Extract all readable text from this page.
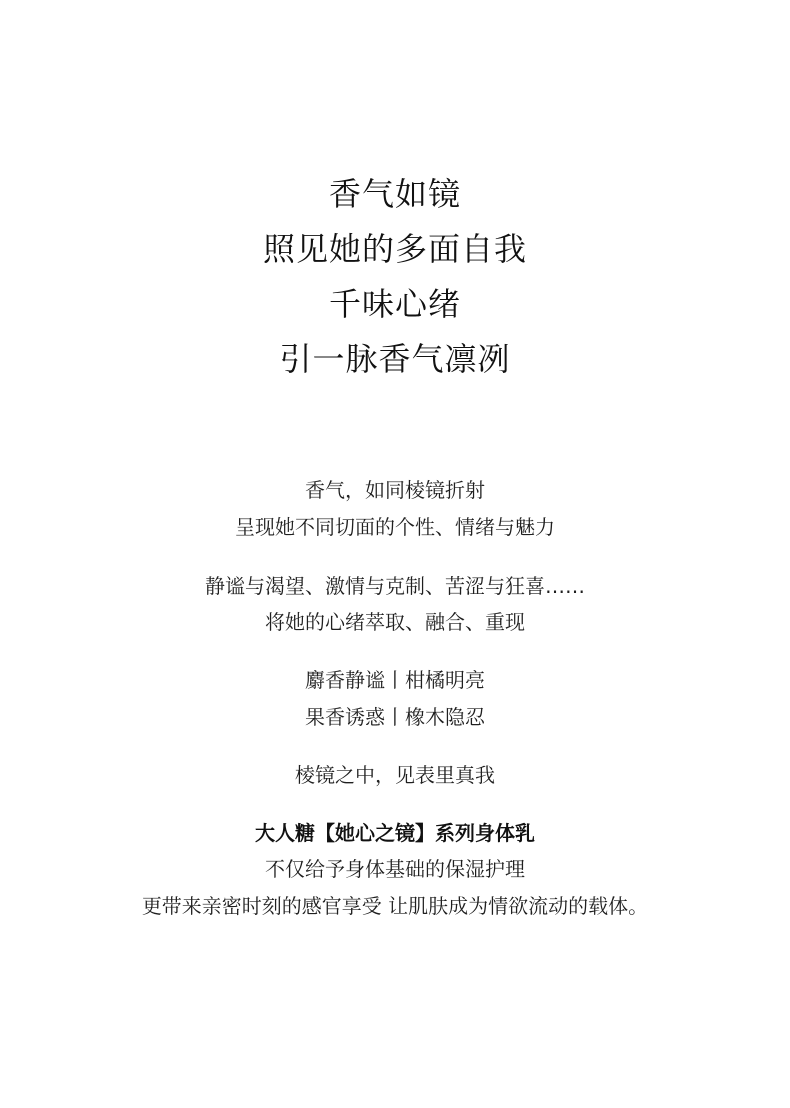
香气如镜
照见她的多面自我
千味心绪
引一脉香气凛冽
香气，如同棱镜折射
呈现她不同切面的个性、情绪与魅力
静谧与渴望、激情与克制、苦涩与狂喜……
将她的心绪萃取、融合、重现
麝香静谧丨柑橘明亮
果香诱惑丨橡木隐忍
棱镜之中，见表里真我
大人糖【她心之镜】系列身体乳
不仅给予身体基础的保湿护理
更带来亲密时刻的感官享受 让肌肤成为情欲流动的载体。
